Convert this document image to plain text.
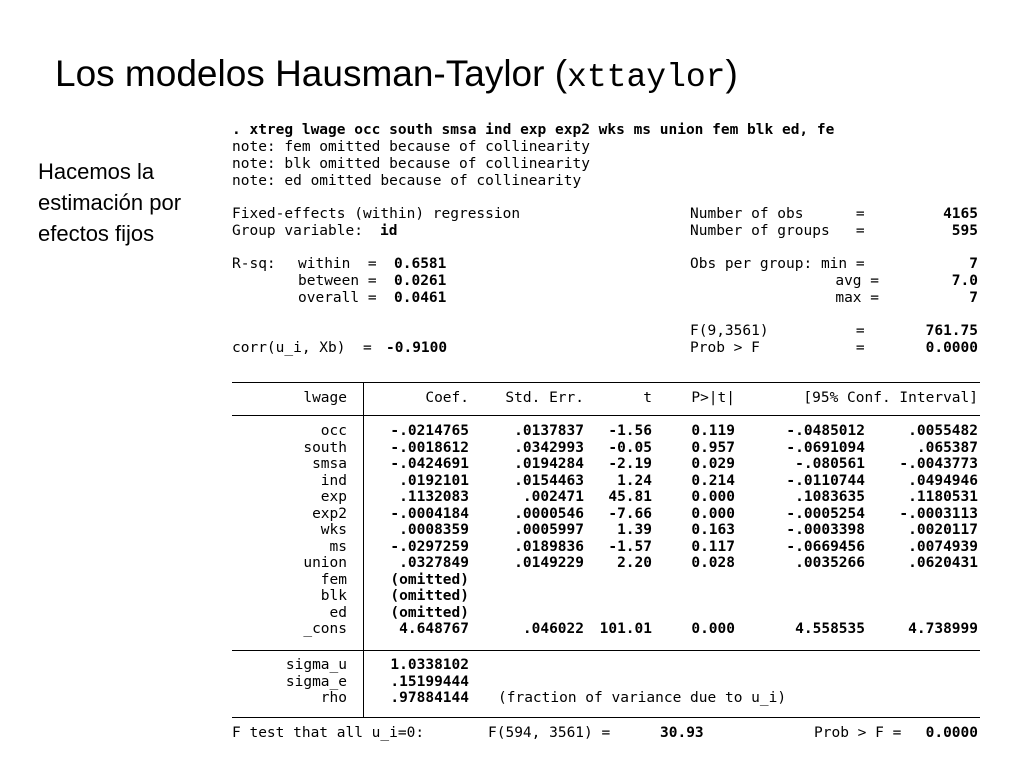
Los modelos Hausman-Taylor (xttaylor)
Hacemos la estimación por efectos fijos
. xtreg lwage occ south smsa ind exp exp2 wks ms union fem blk ed, fe
note: fem omitted because of collinearity
note: blk omitted because of collinearity
note: ed omitted because of collinearity
Fixed-effects (within) regression
Group variable: id
R-sq: within  = 0.6581
between = 0.0261
overall = 0.0461
corr(u_i, Xb)  = -0.9100
Number of obs      =	4165
Number of groups   =	595
Obs per group: min =	7
avg =	7.0
max =	7
F(9,3561)          =	761.75
Prob > F           =	0.0000
lwage	Coef.	Std. Err.	t	P>|t|	[95% Conf. Interval]
occ	-.0214765	.0137837	-1.56	0.119	-.0485012	.0055482
south	-.0018612	.0342993	-0.05	0.957	-.0691094	.065387
smsa	-.0424691	.0194284	-2.19	0.029	-.080561	-.0043773
ind	.0192101	.0154463	1.24	0.214	-.0110744	.0494946
exp	.1132083	.002471	45.81	0.000	.1083635	.1180531
exp2	-.0004184	.0000546	-7.66	0.000	-.0005254	-.0003113
wks	.0008359	.0005997	1.39	0.163	-.0003398	.0020117
ms	-.0297259	.0189836	-1.57	0.117	-.0669456	.0074939
union	.0327849	.0149229	2.20	0.028	.0035266	.0620431
fem	(omitted)
blk	(omitted)
ed	(omitted)
_cons	4.648767	.046022	101.01	0.000	4.558535	4.738999
sigma_u	1.0338102
sigma_e	.15199444
rho	.97884144 (fraction of variance due to u_i)
F test that all u_i=0:	F(594, 3561) =	30.93	Prob > F =	0.0000
